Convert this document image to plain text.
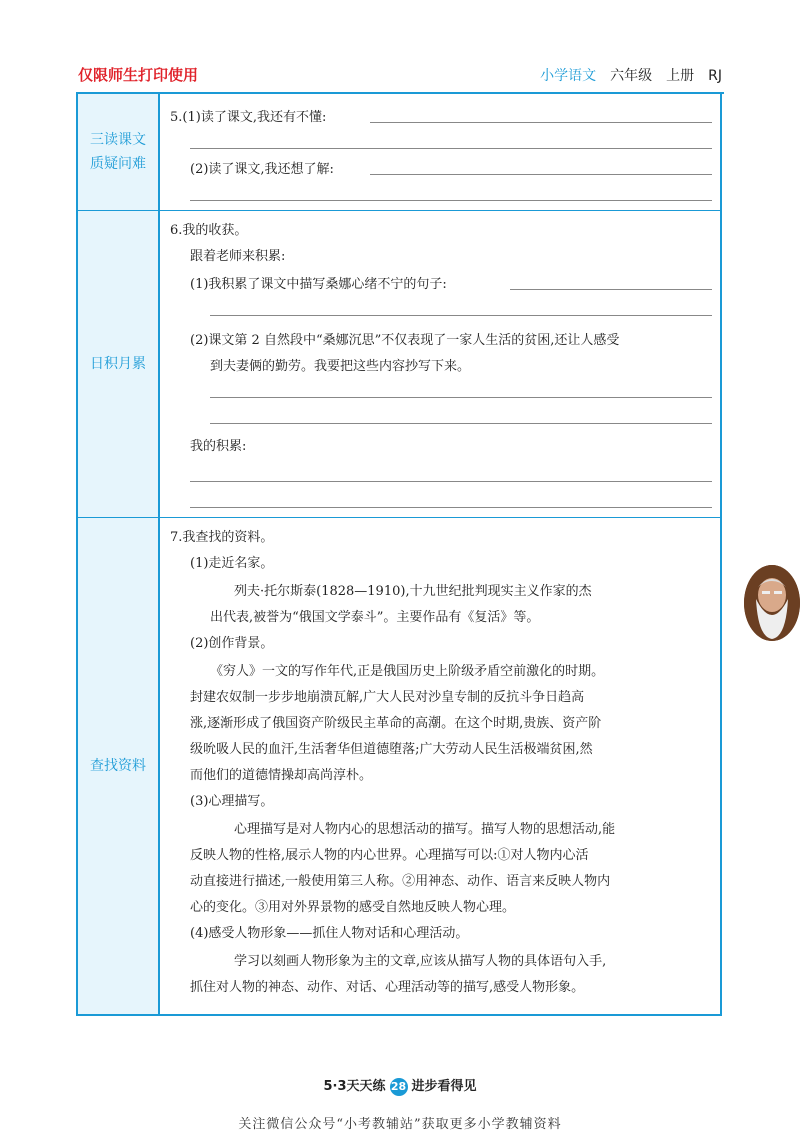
仅限师生打印使用	小学语文 六年级 上册 RJ
三读课文
质疑问难
5.(1)读了课文,我还有不懂:
(2)读了课文,我还想了解:
日积月累
6.我的收获。
跟着老师来积累:
(1)我积累了课文中描写桑娜心绪不宁的句子:
(2)课文第 2 自然段中“桑娜沉思”不仅表现了一家人生活的贫困,还让人感受
到夫妻俩的勤劳。我要把这些内容抄写下来。
我的积累:
查找资料
7.我查找的资料。
(1)走近名家。
列夫·托尔斯泰(1828—1910),十九世纪批判现实主义作家的杰
出代表,被誉为“俄国文学泰斗”。主要作品有《复活》等。
(2)创作背景。
《穷人》一文的写作年代,正是俄国历史上阶级矛盾空前激化的时期。
封建农奴制一步步地崩溃瓦解,广大人民对沙皇专制的反抗斗争日趋高
涨,逐渐形成了俄国资产阶级民主革命的高潮。在这个时期,贵族、资产阶
级吮吸人民的血汗,生活奢华但道德堕落;广大劳动人民生活极端贫困,然
而他们的道德情操却高尚淳朴。
(3)心理描写。
心理描写是对人物内心的思想活动的描写。描写人物的思想活动,能
反映人物的性格,展示人物的内心世界。心理描写可以:①对人物内心活
动直接进行描述,一般使用第三人称。②用神态、动作、语言来反映人物内
心的变化。③用对外界景物的感受自然地反映人物心理。
(4)感受人物形象——抓住人物对话和心理活动。
学习以刻画人物形象为主的文章,应该从描写人物的具体语句入手,
抓住对人物的神态、动作、对话、心理活动等的描写,感受人物形象。
5·3天天练 28 进步看得见
关注微信公众号“小考教辅站”获取更多小学教辅资料
